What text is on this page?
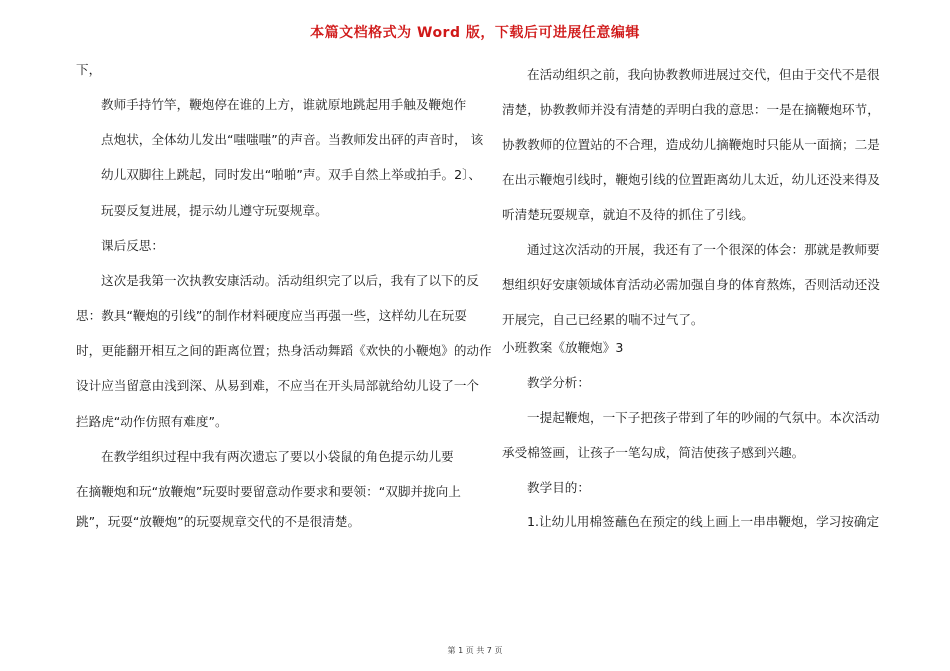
本篇文档格式为 Word 版，下载后可进展任意编辑
下，
教师手持竹竿，鞭炮停在谁的上方，谁就原地跳起用手触及鞭炮作
点炮状，全体幼儿发出“嗤嗤嗤”的声音。当教师发出砰的声音时， 该
幼儿双脚往上跳起，同时发出“啪啪”声。双手自然上举或拍手。2〕、
玩耍反复进展，提示幼儿遵守玩耍规章。
课后反思：
这次是我第一次执教安康活动。活动组织完了以后，我有了以下的反
思：教具“鞭炮的引线”的制作材料硬度应当再强一些，这样幼儿在玩耍
时，更能翻开相互之间的距离位置；热身活动舞蹈《欢快的小鞭炮》的动作
设计应当留意由浅到深、从易到难，不应当在开头局部就给幼儿设了一个
拦路虎“动作仿照有难度”。
在教学组织过程中我有两次遗忘了要以小袋鼠的角色提示幼儿要
在摘鞭炮和玩“放鞭炮”玩耍时要留意动作要求和要领：“双脚并拢向上
跳”，玩耍“放鞭炮”的玩耍规章交代的不是很清楚。
在活动组织之前，我向协教教师进展过交代，但由于交代不是很
清楚，协教教师并没有清楚的弄明白我的意思：一是在摘鞭炮环节，
协教教师的位置站的不合理，造成幼儿摘鞭炮时只能从一面摘；二是
在出示鞭炮引线时，鞭炮引线的位置距离幼儿太近，幼儿还没来得及
听清楚玩耍规章，就迫不及待的抓住了引线。
通过这次活动的开展，我还有了一个很深的体会：那就是教师要
想组织好安康领域体育活动必需加强自身的体育熬炼，否则活动还没
开展完，自己已经累的喘不过气了。
小班教案《放鞭炮》3
教学分析：
一提起鞭炮，一下子把孩子带到了年的吵闹的气氛中。本次活动
承受棉签画，让孩子一笔勾成，简洁使孩子感到兴趣。
教学目的：
1.让幼儿用棉签蘸色在预定的线上画上一串串鞭炮，学习按确定
第 1 页 共 7 页
